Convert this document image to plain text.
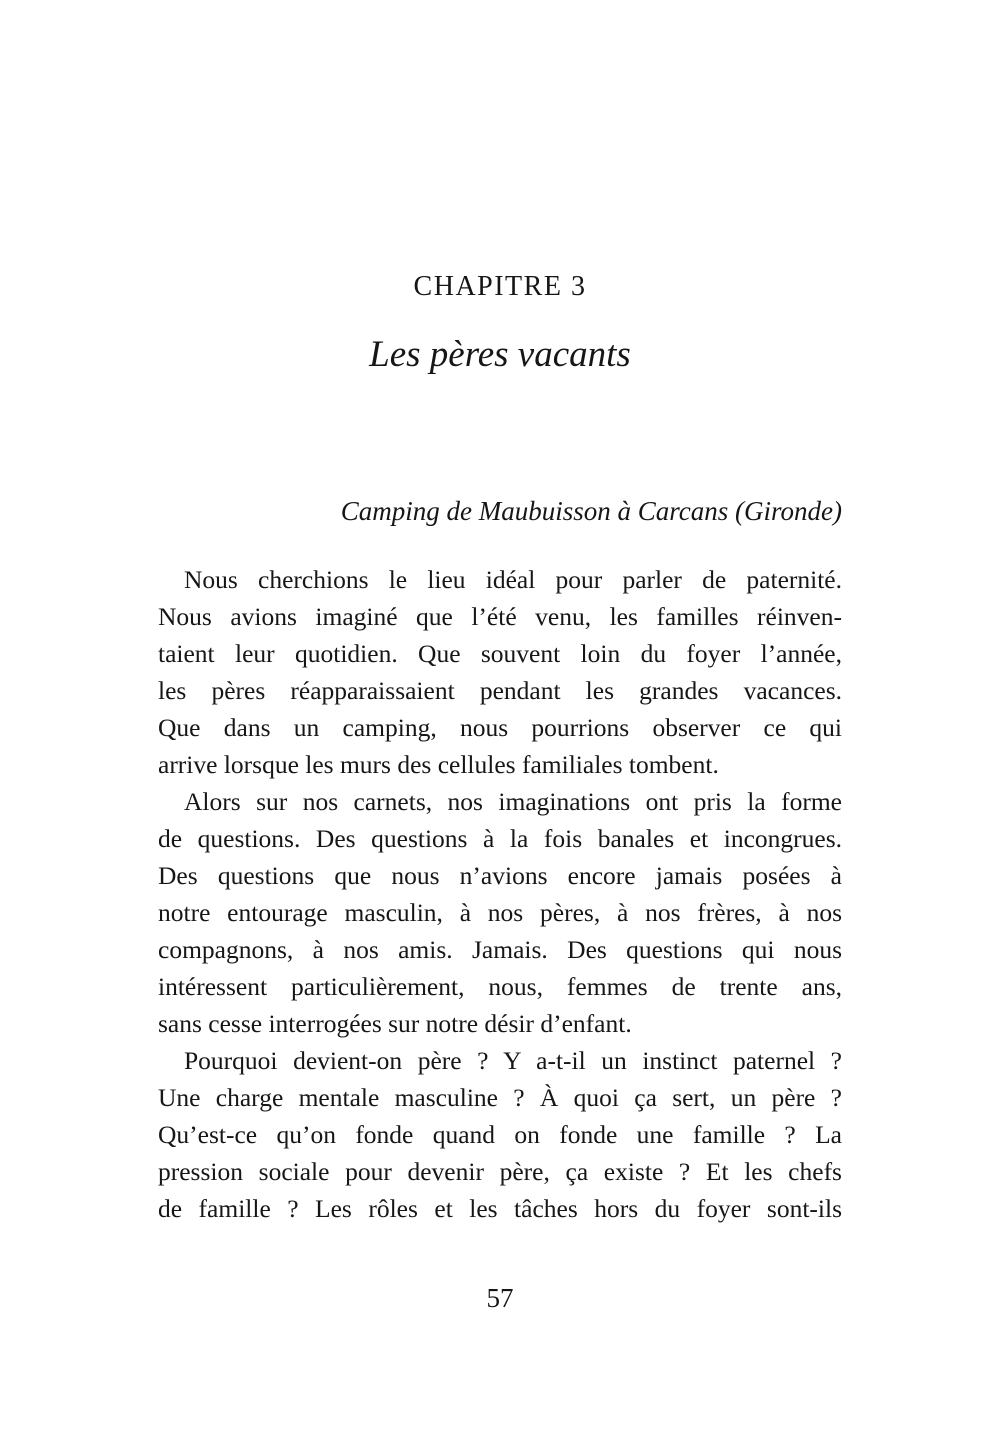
CHAPITRE 3
Les pères vacants
Camping de Maubuisson à Carcans (Gironde)
Nous cherchions le lieu idéal pour parler de paternité.
Nous avions imaginé que l’été venu, les familles réinven-
taient leur quotidien. Que souvent loin du foyer l’année,
les pères réapparaissaient pendant les grandes vacances.
Que dans un camping, nous pourrions observer ce qui
arrive lorsque les murs des cellules familiales tombent.
Alors sur nos carnets, nos imaginations ont pris la forme
de questions. Des questions à la fois banales et incongrues.
Des questions que nous n’avions encore jamais posées à
notre entourage masculin, à nos pères, à nos frères, à nos
compagnons, à nos amis. Jamais. Des questions qui nous
intéressent particulièrement, nous, femmes de trente ans,
sans cesse interrogées sur notre désir d’enfant.
Pourquoi devient-on père ? Y a-t-il un instinct paternel ?
Une charge mentale masculine ? À quoi ça sert, un père ?
Qu’est-ce qu’on fonde quand on fonde une famille ? La
pression sociale pour devenir père, ça existe ? Et les chefs
de famille ? Les rôles et les tâches hors du foyer sont-ils
57
